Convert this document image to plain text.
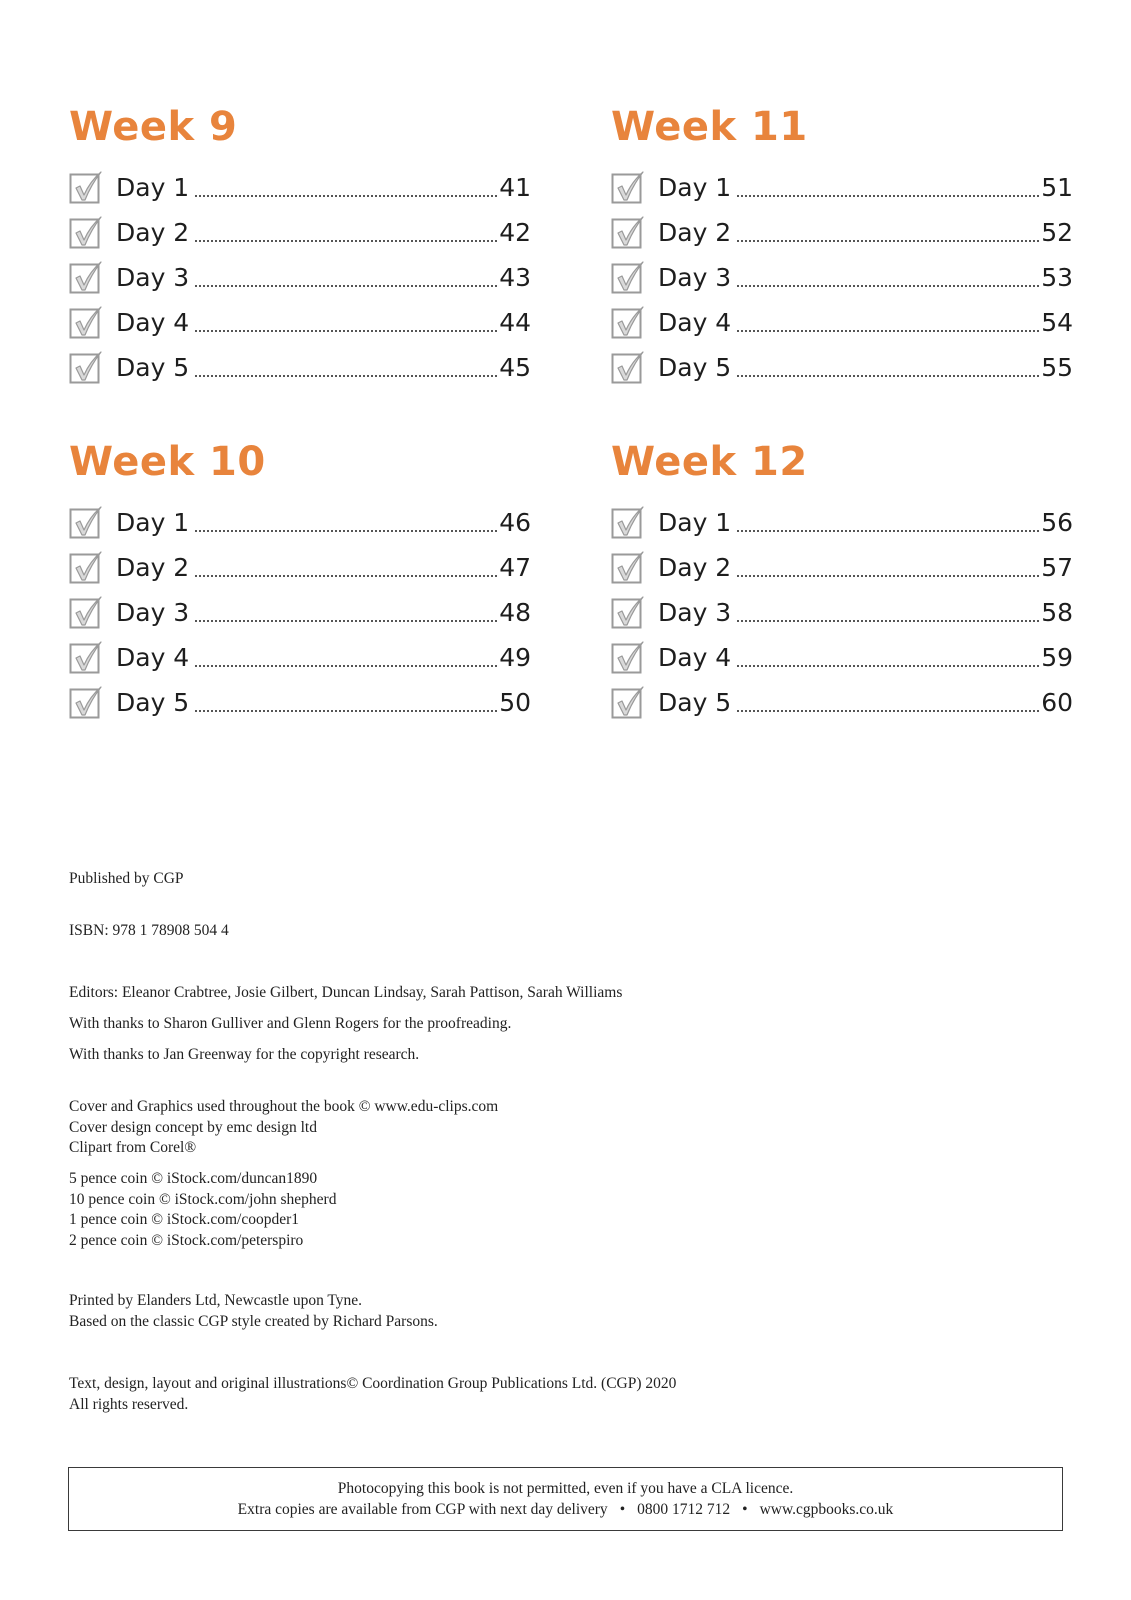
Week 9
Day 1	41
Day 2	42
Day 3	43
Day 4	44
Day 5	45
Week 11
Day 1	51
Day 2	52
Day 3	53
Day 4	54
Day 5	55
Week 10
Day 1	46
Day 2	47
Day 3	48
Day 4	49
Day 5	50
Week 12
Day 1	56
Day 2	57
Day 3	58
Day 4	59
Day 5	60

Published by CGP

ISBN: 978 1 78908 504 4

Editors: Eleanor Crabtree, Josie Gilbert, Duncan Lindsay, Sarah Pattison, Sarah Williams

With thanks to Sharon Gulliver and Glenn Rogers for the proofreading.

With thanks to Jan Greenway for the copyright research.

Cover and Graphics used throughout the book © www.edu-clips.com

Cover design concept by emc design ltd

Clipart from Corel®

5 pence coin © iStock.com/duncan1890

10 pence coin © iStock.com/john shepherd

1 pence coin © iStock.com/coopder1

2 pence coin © iStock.com/peterspiro

Printed by Elanders Ltd, Newcastle upon Tyne.

Based on the classic CGP style created by Richard Parsons.

Text, design, layout and original illustrations© Coordination Group Publications Ltd. (CGP) 2020

All rights reserved.

Photocopying this book is not permitted, even if you have a CLA licence.

Extra copies are available from CGP with next day delivery • 0800 1712 712 • www.cgpbooks.co.uk
